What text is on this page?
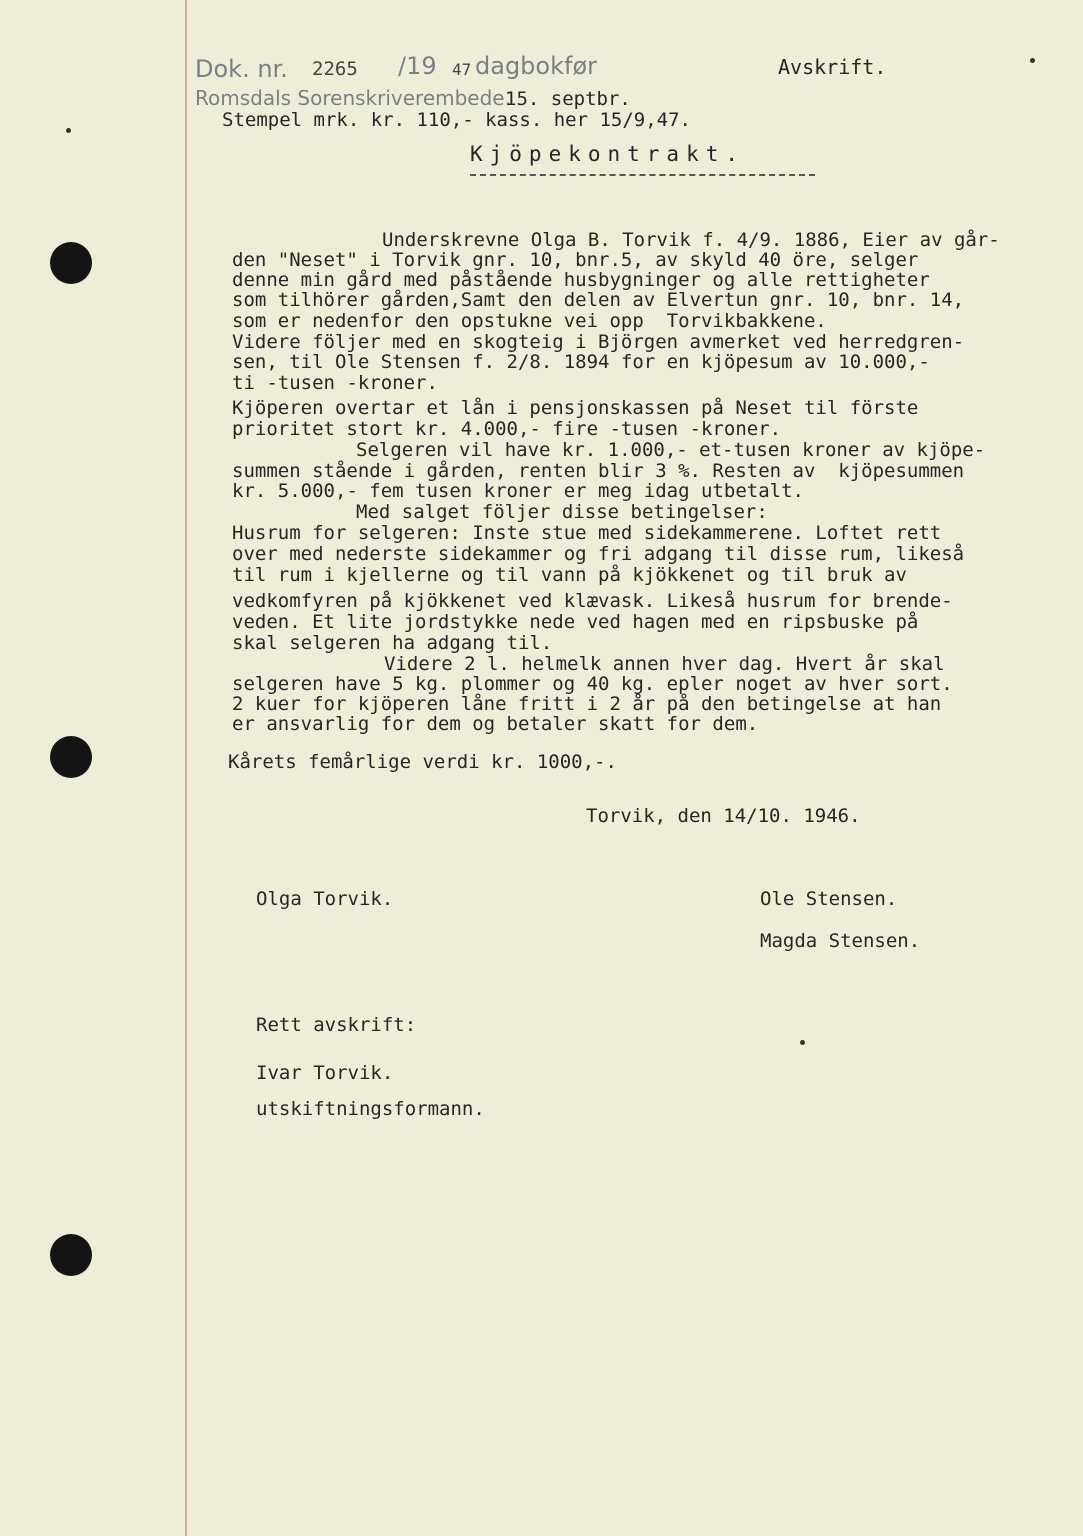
Dok. nr. 2265 /19 47 dagbokfør	Avskrift.
Romsdals Sorenskriverembede.
15. septbr.
Stempel mrk. kr. 110,- kass. her 15/9,47.
Kjöpekontrakt.
Underskrevne Olga B. Torvik f. 4/9. 1886, Eier av går-
den "Neset" i Torvik gnr. 10, bnr.5, av skyld 40 öre, selger
denne min gård med påstående husbygninger og alle rettigheter
som tilhörer gården,Samt den delen av Elvertun gnr. 10, bnr. 14,
som er nedenfor den opstukne vei opp  Torvikbakkene.
Videre följer med en skogteig i Björgen avmerket ved herredgren-
sen, til Ole Stensen f. 2/8. 1894 for en kjöpesum av 10.000,-
ti -tusen -kroner.
Kjöperen overtar et lån i pensjonskassen på Neset til förste
prioritet stort kr. 4.000,- fire -tusen -kroner.
Selgeren vil have kr. 1.000,- et-tusen kroner av kjöpe-
summen stående i gården, renten blir 3 %. Resten av  kjöpesummen
kr. 5.000,- fem tusen kroner er meg idag utbetalt.
Med salget följer disse betingelser:
Husrum for selgeren: Inste stue med sidekammerene. Loftet rett
over med nederste sidekammer og fri adgang til disse rum, likeså
til rum i kjellerne og til vann på kjökkenet og til bruk av
vedkomfyren på kjökkenet ved klævask. Likeså husrum for brende-
veden. Et lite jordstykke nede ved hagen med en ripsbuske på
skal selgeren ha adgang til.
Videre 2 l. helmelk annen hver dag. Hvert år skal
selgeren have 5 kg. plommer og 40 kg. epler noget av hver sort.
2 kuer for kjöperen låne fritt i 2 år på den betingelse at han
er ansvarlig for dem og betaler skatt for dem.
Kårets femårlige verdi kr. 1000,-.
Torvik, den 14/10. 1946.
Olga Torvik.	Ole Stensen.
Magda Stensen.
Rett avskrift:
Ivar Torvik.
utskiftningsformann.
